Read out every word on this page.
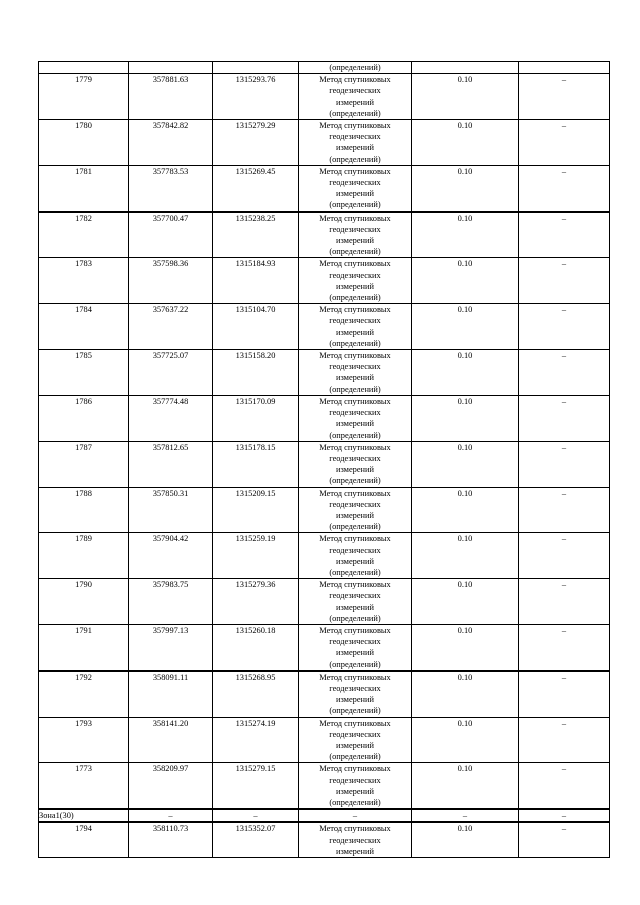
			(определений)		
1779	357881.63	1315293.76	Метод спутниковых
геодезических
измерений
(определений)	0.10	–
1780	357842.82	1315279.29	Метод спутниковых
геодезических
измерений
(определений)	0.10	–
1781	357783.53	1315269.45	Метод спутниковых
геодезических
измерений
(определений)	0.10	–
1782	357700.47	1315238.25	Метод спутниковых
геодезических
измерений
(определений)	0.10	–
1783	357598.36	1315184.93	Метод спутниковых
геодезических
измерений
(определений)	0.10	–
1784	357637.22	1315104.70	Метод спутниковых
геодезических
измерений
(определений)	0.10	–
1785	357725.07	1315158.20	Метод спутниковых
геодезических
измерений
(определений)	0.10	–
1786	357774.48	1315170.09	Метод спутниковых
геодезических
измерений
(определений)	0.10	–
1787	357812.65	1315178.15	Метод спутниковых
геодезических
измерений
(определений)	0.10	–
1788	357850.31	1315209.15	Метод спутниковых
геодезических
измерений
(определений)	0.10	–
1789	357904.42	1315259.19	Метод спутниковых
геодезических
измерений
(определений)	0.10	–
1790	357983.75	1315279.36	Метод спутниковых
геодезических
измерений
(определений)	0.10	–
1791	357997.13	1315260.18	Метод спутниковых
геодезических
измерений
(определений)	0.10	–
1792	358091.11	1315268.95	Метод спутниковых
геодезических
измерений
(определений)	0.10	–
1793	358141.20	1315274.19	Метод спутниковых
геодезических
измерений
(определений)	0.10	–
1773	358209.97	1315279.15	Метод спутниковых
геодезических
измерений
(определений)	0.10	–
Зона1(30)	–	–	–	–	–
1794	358110.73	1315352.07	Метод спутниковых
геодезических
измерений	0.10	–
